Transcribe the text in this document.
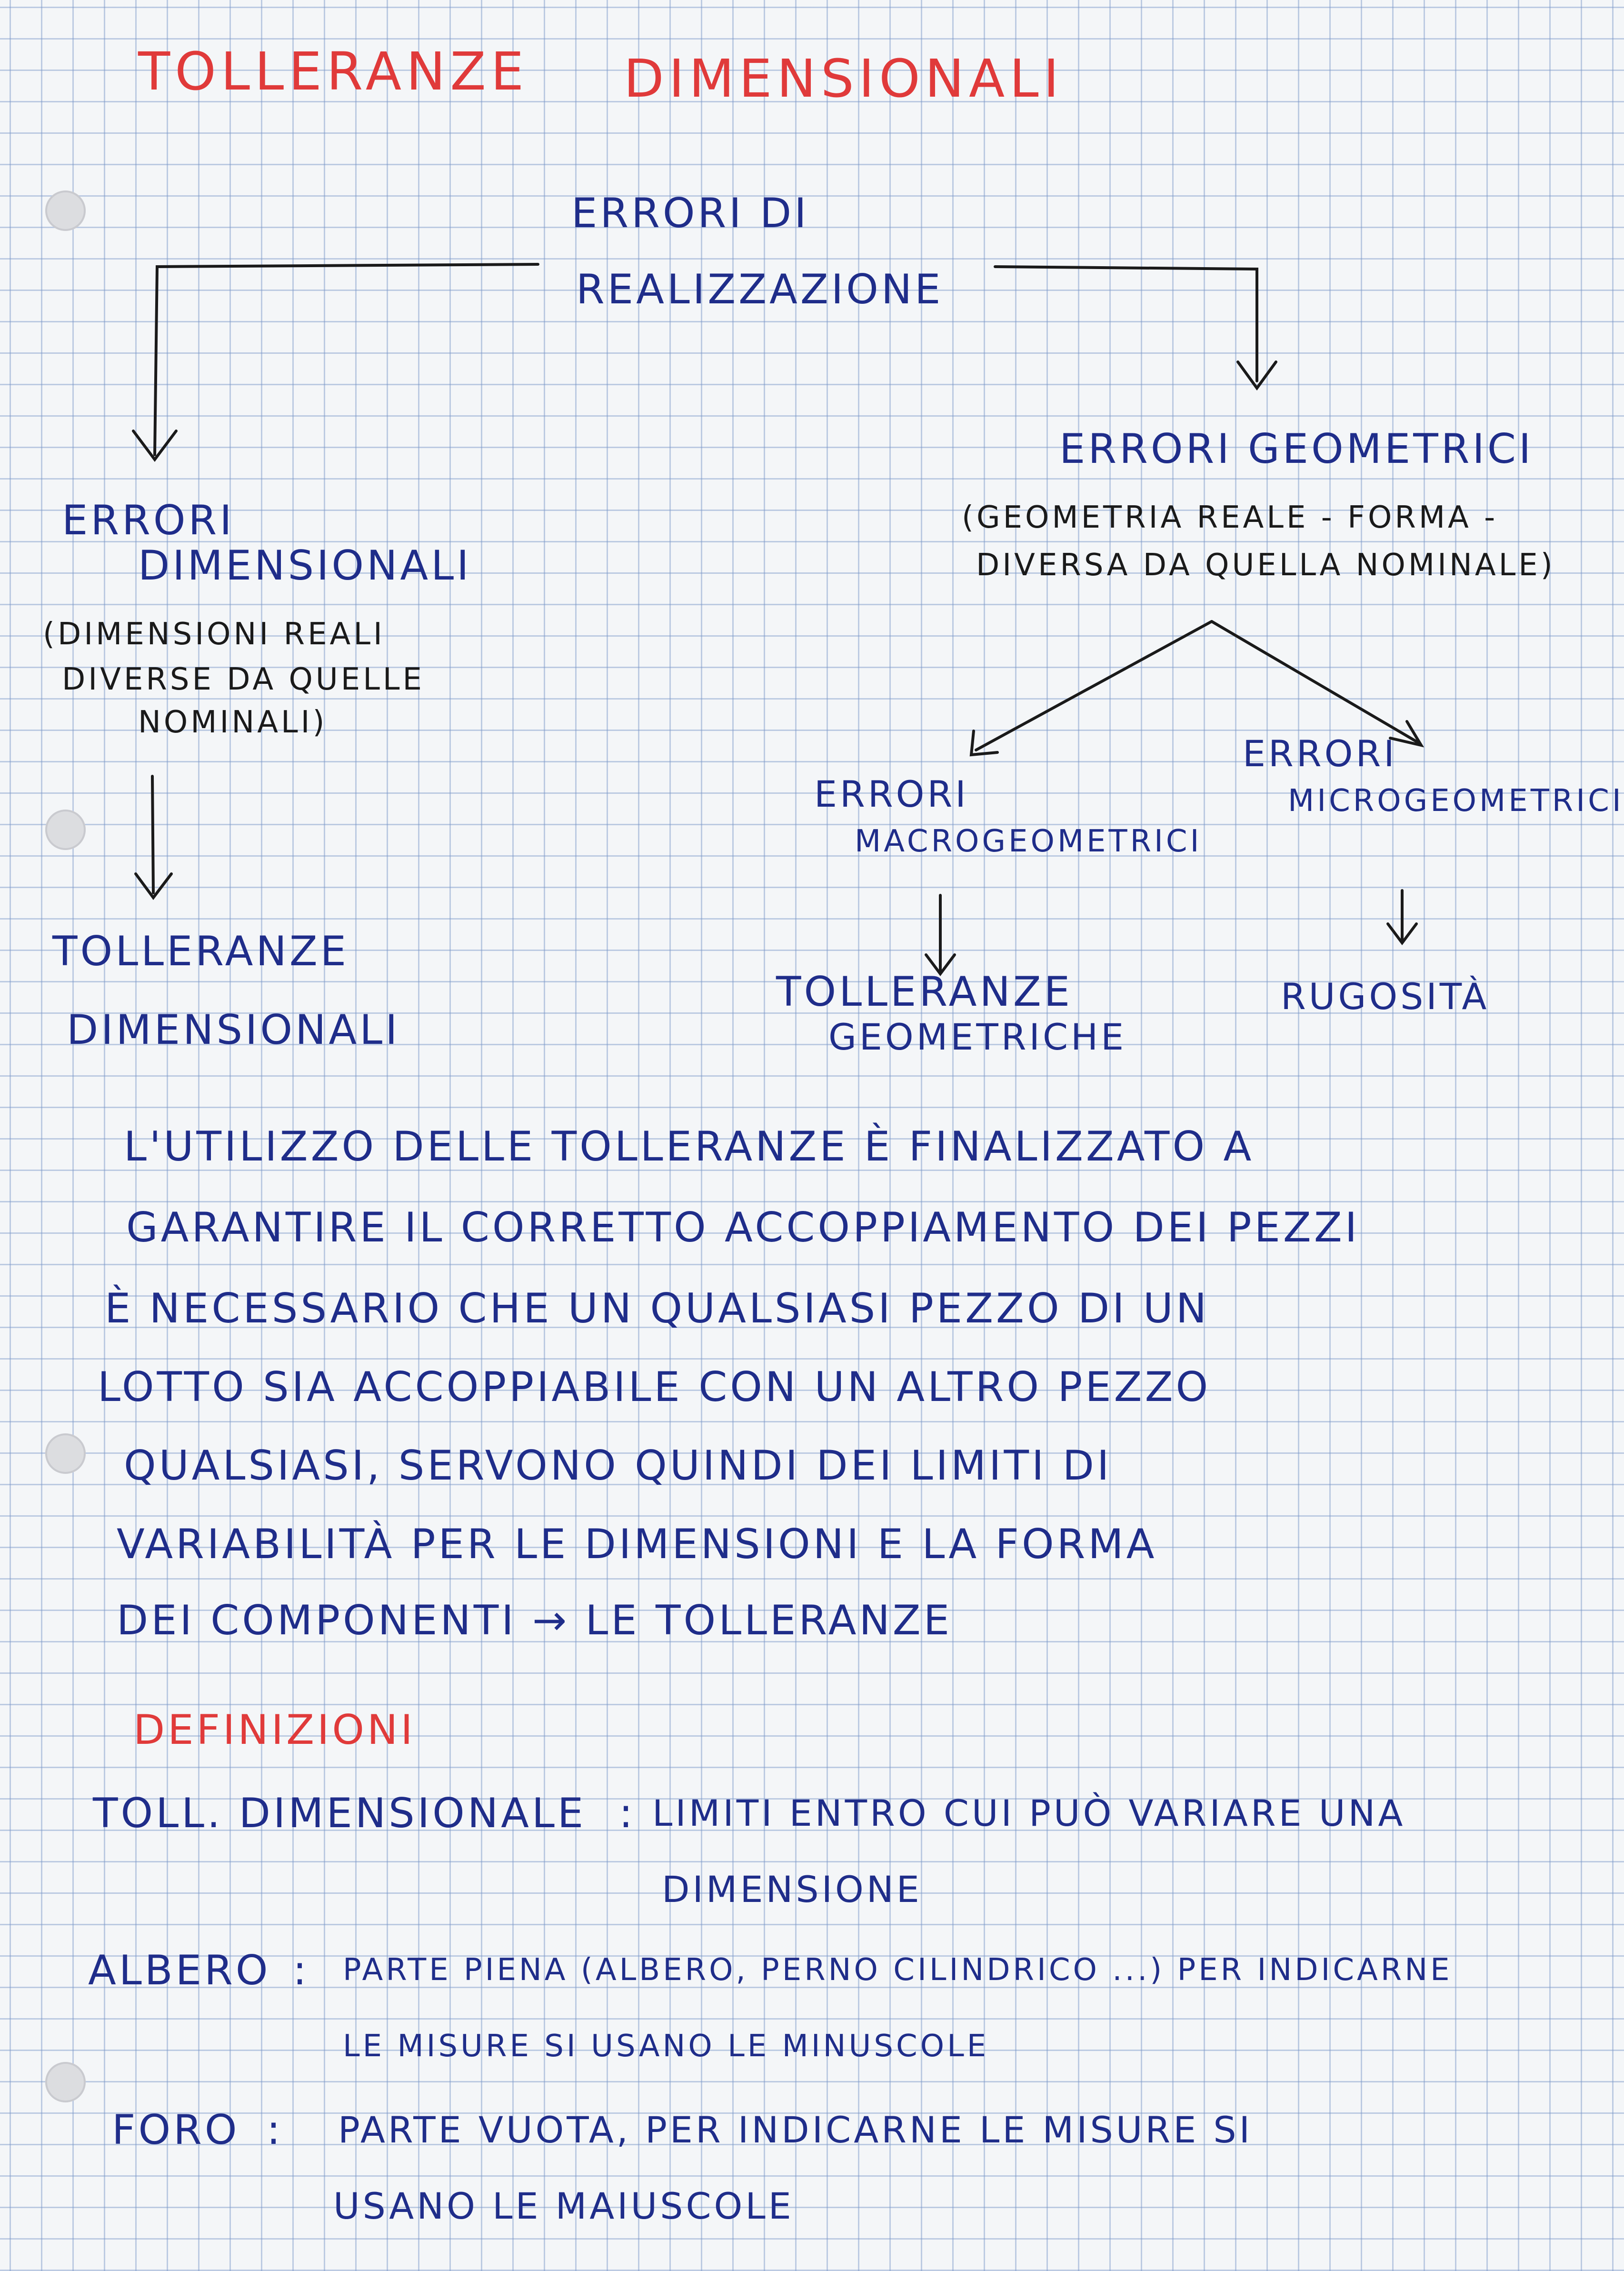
TOLLERANZE DIMENSIONALI
ERRORI DI
REALIZZAZIONE
ERRORI
DIMENSIONALI
(DIMENSIONI REALI
DIVERSE DA QUELLE
NOMINALI)
TOLLERANZE
DIMENSIONALI
ERRORI GEOMETRICI
(GEOMETRIA REALE - FORMA -
DIVERSA DA QUELLA NOMINALE)
ERRORI
MACROGEOMETRICI
ERRORI
MICROGEOMETRICI
TOLLERANZE
GEOMETRICHE
RUGOSITÀ
L'UTILIZZO DELLE TOLLERANZE È FINALIZZATO A
GARANTIRE IL CORRETTO ACCOPPIAMENTO DEI PEZZI
È NECESSARIO CHE UN QUALSIASI PEZZO DI UN
LOTTO SIA ACCOPPIABILE CON UN ALTRO PEZZO
QUALSIASI, SERVONO QUINDI DEI LIMITI DI
VARIABILITÀ PER LE DIMENSIONI E LA FORMA
DEI COMPONENTI → LE TOLLERANZE
DEFINIZIONI
TOLL. DIMENSIONALE : LIMITI ENTRO CUI PUÒ VARIARE UNA
DIMENSIONE
ALBERO : PARTE PIENA (ALBERO, PERNO CILINDRICO ...) PER INDICARNE
LE MISURE SI USANO LE MINUSCOLE
FORO : PARTE VUOTA, PER INDICARNE LE MISURE SI
USANO LE MAIUSCOLE
